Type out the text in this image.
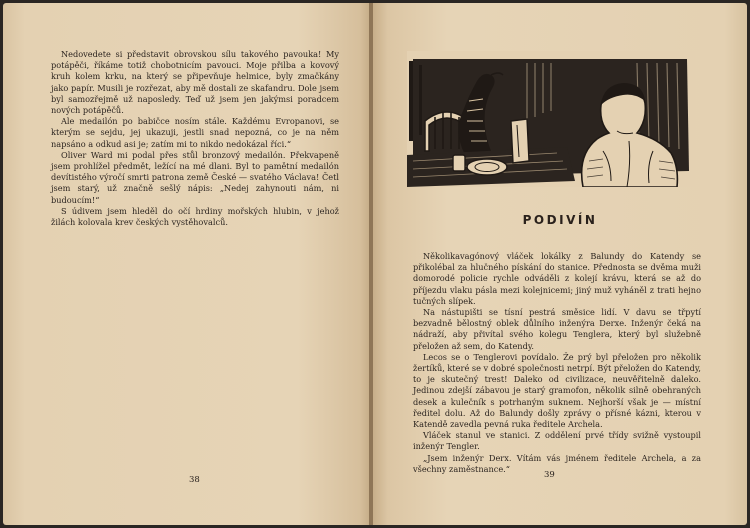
Nedovedete si představit obrovskou sílu takového pavouka! My potápěči, říkáme totiž chobotnicím pavouci. Moje přilba a kovový kruh kolem krku, na který se připevňuje helmice, byly zmačkány jako papír. Musili je rozřezat, aby mě dostali ze skafandru. Dole jsem byl samozřejmě už naposledy. Teď už jsem jen jakýmsi poradcem nových potápěčů.

Ale medailón po babičce nosím stále. Každému Evropanovi, se kterým se sejdu, jej ukazuji, jestli snad nepozná, co je na něm napsáno a odkud asi je; zatím mi to nikdo nedokázal říci.“

Oliver Ward mi podal přes stůl bronzový medailón. Překvapeně jsem prohlížel předmět, ležící na mé dlani. Byl to pamětní medailón devítistého výročí smrti patrona země České — svatého Václava! Četl jsem starý, už značně sešlý nápis: „Nedej zahynouti nám, ni budoucím!“

S údivem jsem hleděl do očí hrdiny mořských hlubin, v jehož žilách kolovala krev českých vystěhovalců.

38
PODIVÍN

Několikavagónový vláček lokálky z Balundy do Katendy se přikolébal za hlučného pískání do stanice. Přednosta se dvěma muži domorodé policie rychle odváděli z kolejí krávu, která se až do příjezdu vlaku pásla mezi kolejnicemi; jiný muž vyháněl z trati hejno tučných slípek.

Na nástupišti se tísní pestrá směsice lidí. V davu se třpytí bezvadně bělostný oblek důlního inženýra Derxe. Inženýr čeká na nádraží, aby přivítal svého kolegu Tenglera, který byl služebně přeložen až sem, do Katendy.

Lecos se o Tenglerovi povídalo. Že prý byl přeložen pro několik žertíků, které se v dobré společnosti netrpí. Být přeložen do Katendy, to je skutečný trest! Daleko od civilizace, neuvěřitelně daleko. Jedinou zdejší zábavou je starý gramofon, několik silně obehraných desek a kulečník s potrhaným suknem. Nejhorší však je — místní ředitel dolu. Až do Balundy došly zprávy o přísné kázni, kterou v Katendě zavedla pevná ruka ředitele Archela.

Vláček stanul ve stanici. Z oddělení prvé třídy svižně vystoupil inženýr Tengler.

„Jsem inženýr Derx. Vítám vás jménem ředitele Archela, a za všechny zaměstnance.“

39
